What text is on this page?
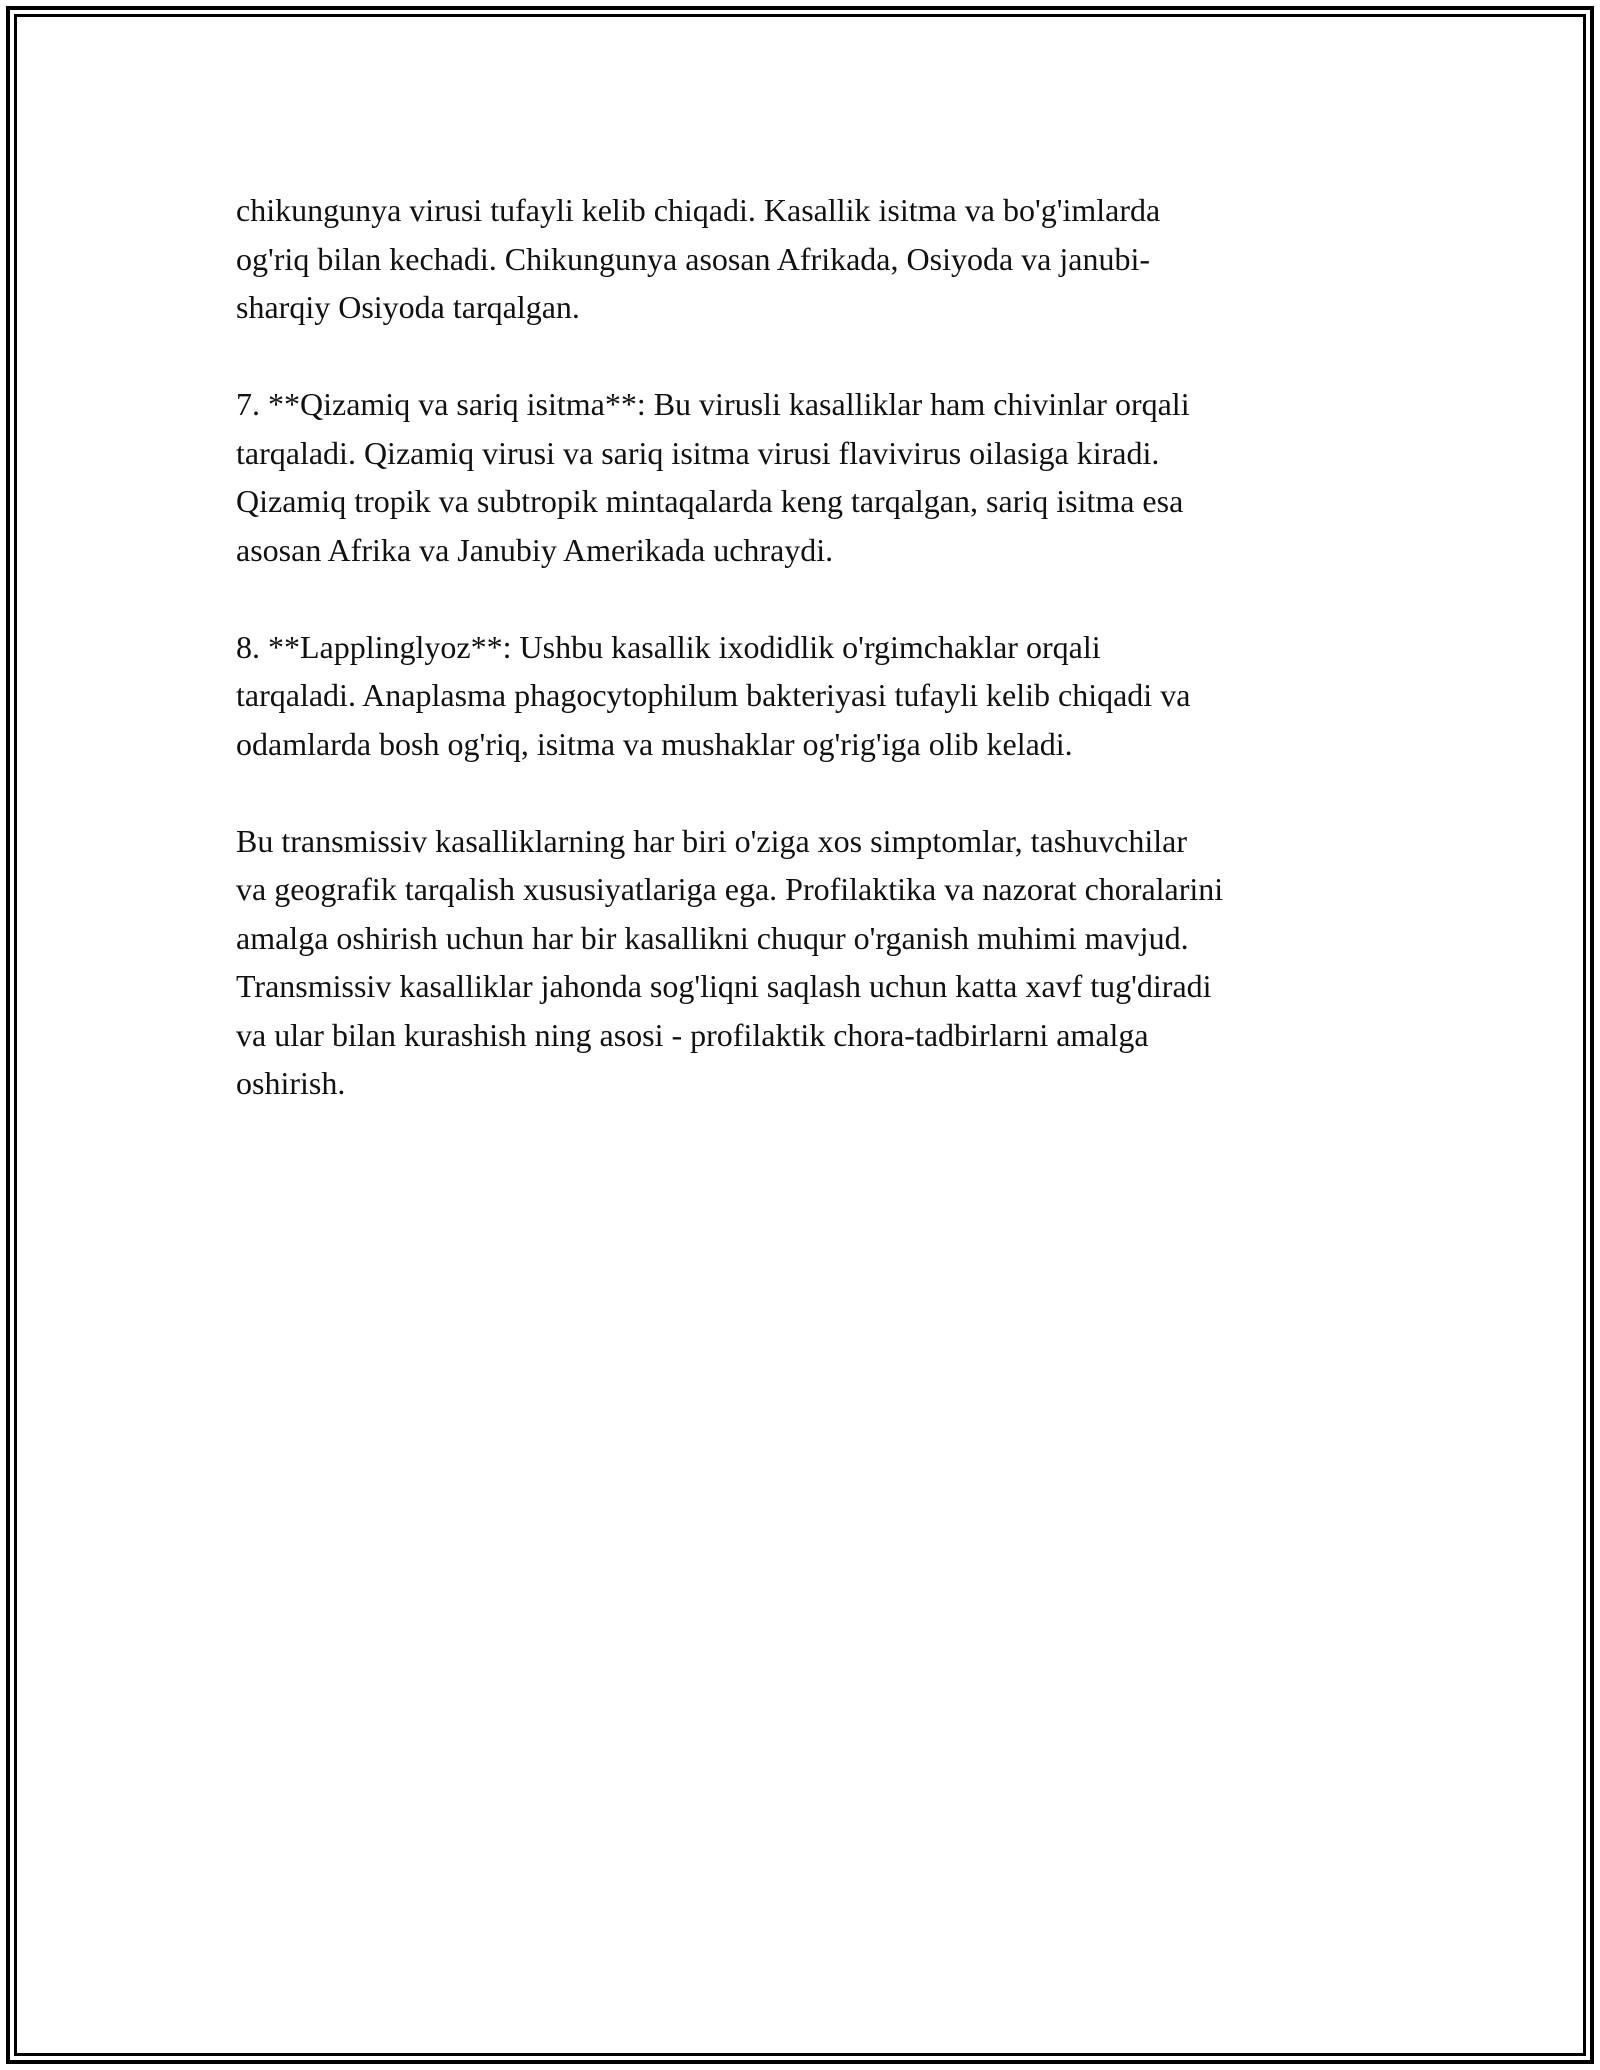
chikungunya virusi tufayli kelib chiqadi. Kasallik isitma va bo'g'imlarda
og'riq bilan kechadi. Chikungunya asosan Afrikada, Osiyoda va janubi-
sharqiy Osiyoda tarqalgan.

7. **Qizamiq va sariq isitma**: Bu virusli kasalliklar ham chivinlar orqali
tarqaladi. Qizamiq virusi va sariq isitma virusi flavivirus oilasiga kiradi.
Qizamiq tropik va subtropik mintaqalarda keng tarqalgan, sariq isitma esa
asosan Afrika va Janubiy Amerikada uchraydi.

8. **Lapplinglyoz**: Ushbu kasallik ixodidlik o'rgimchaklar orqali
tarqaladi. Anaplasma phagocytophilum bakteriyasi tufayli kelib chiqadi va
odamlarda bosh og'riq, isitma va mushaklar og'rig'iga olib keladi.

Bu transmissiv kasalliklarning har biri o'ziga xos simptomlar, tashuvchilar
va geografik tarqalish xususiyatlariga ega. Profilaktika va nazorat choralarini
amalga oshirish uchun har bir kasallikni chuqur o'rganish muhimi mavjud.
Transmissiv kasalliklar jahonda sog'liqni saqlash uchun katta xavf tug'diradi
va ular bilan kurashish ning asosi - profilaktik chora-tadbirlarni amalga
oshirish.
